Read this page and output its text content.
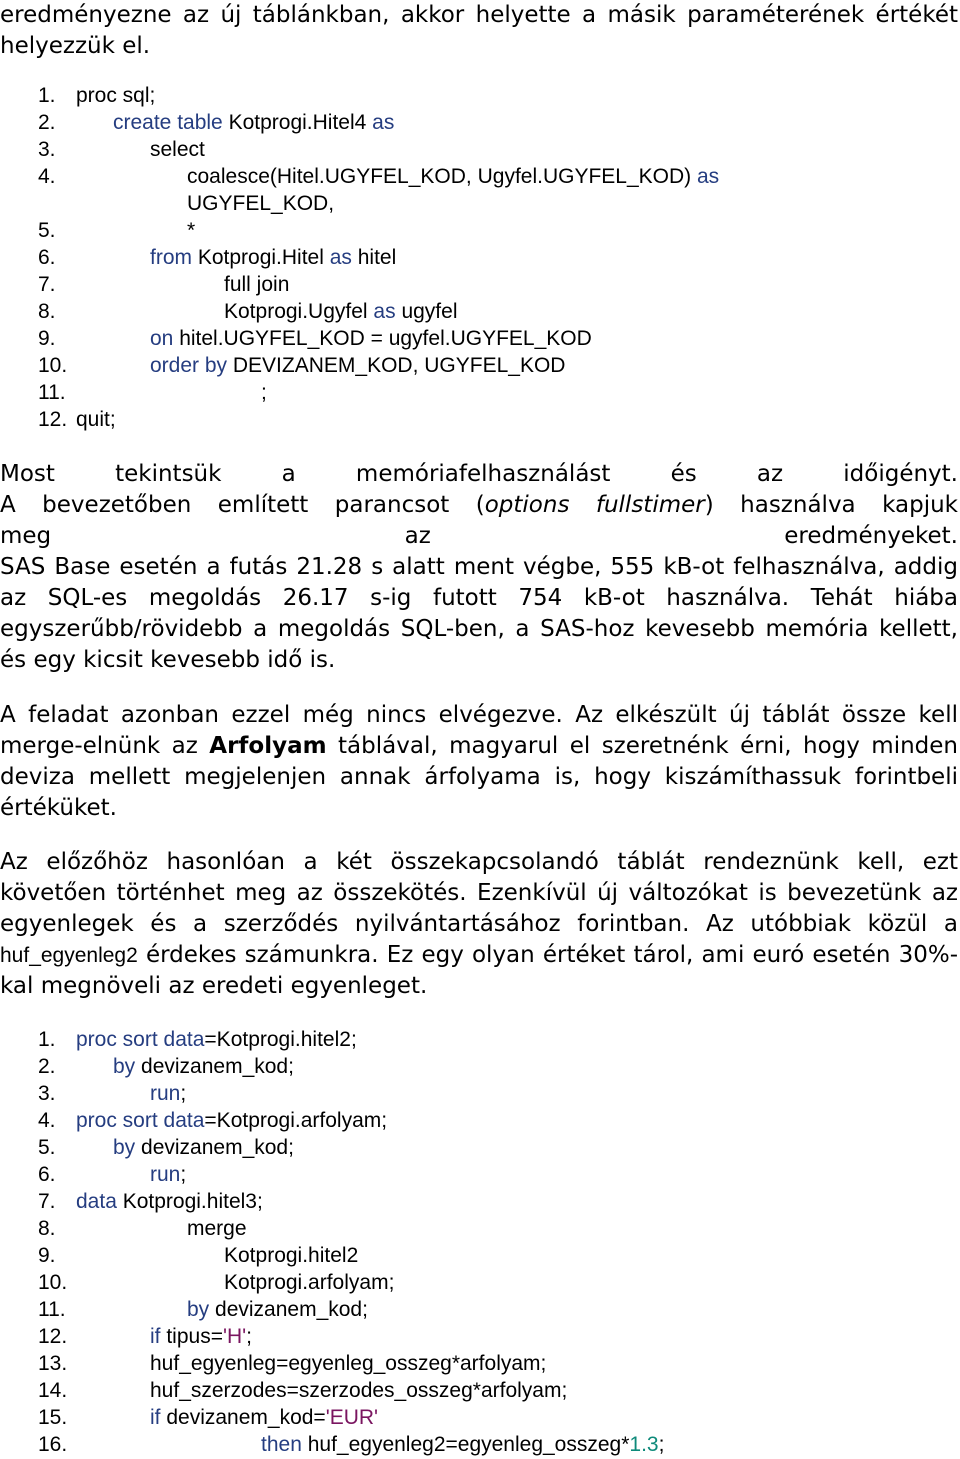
eredményezne az új táblánkban, akkor helyette a másik paraméterének értékét helyezzük el.
1. proc sql;
2.	create table Kotprogi.Hitel4 as
3.	select
4.	coalesce(Hitel.UGYFEL_KOD, Ugyfel.UGYFEL_KOD) as
UGYFEL_KOD,
5.	*
6.	from Kotprogi.Hitel as hitel
7.	full join
8.	Kotprogi.Ugyfel as ugyfel
9.	on hitel.UGYFEL_KOD = ugyfel.UGYFEL_KOD
10.	order by DEVIZANEM_KOD, UGYFEL_KOD
11.	;
12. quit;
Most tekintsük a memóriafelhasználást és az időigényt.
A bevezetőben említett parancsot (options fullstimer) használva kapjuk
meg az eredményeket.
SAS Base esetén a futás 21.28 s alatt ment végbe, 555 kB-ot felhasználva, addig az SQL-es megoldás 26.17 s-ig futott 754 kB-ot használva. Tehát hiába egyszerűbb/rövidebb a megoldás SQL-ben, a SAS-hoz kevesebb memória kellett, és egy kicsit kevesebb idő is.
A feladat azonban ezzel még nincs elvégezve. Az elkészült új táblát össze kell merge-elnünk az Arfolyam táblával, magyarul el szeretnénk érni, hogy minden deviza mellett megjelenjen annak árfolyama is, hogy kiszámíthassuk forintbeli értéküket.
Az előzőhöz hasonlóan a két összekapcsolandó táblát rendeznünk kell, ezt követően történhet meg az összekötés. Ezenkívül új változókat is bevezetünk az egyenlegek és a szerződés nyilvántartásához forintban. Az utóbbiak közül a huf_egyenleg2 érdekes számunkra. Ez egy olyan értéket tárol, ami euró esetén 30%-kal megnöveli az eredeti egyenleget.
1. proc sort data=Kotprogi.hitel2;
2.	by devizanem_kod;
3.	run;
4. proc sort data=Kotprogi.arfolyam;
5.	by devizanem_kod;
6.	run;
7. data Kotprogi.hitel3;
8.	merge
9.	Kotprogi.hitel2
10.	Kotprogi.arfolyam;
11.	by devizanem_kod;
12.	if tipus='H';
13.	huf_egyenleg=egyenleg_osszeg*arfolyam;
14.	huf_szerzodes=szerzodes_osszeg*arfolyam;
15.	if devizanem_kod='EUR'
16.	then huf_egyenleg2=egyenleg_osszeg*1.3;
